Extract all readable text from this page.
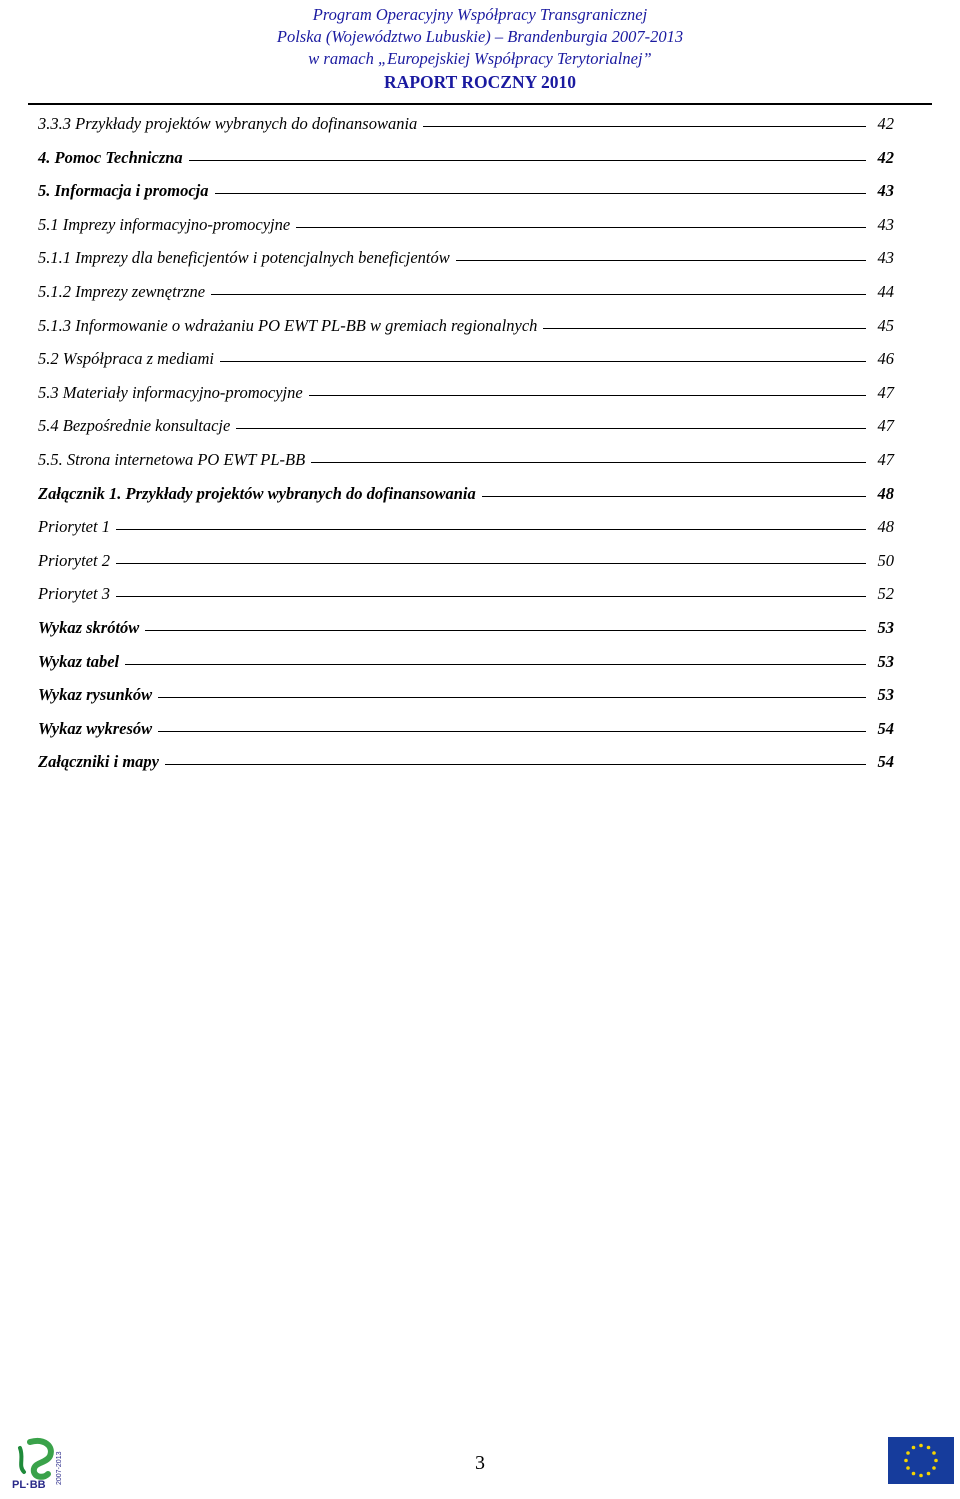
Program Operacyjny Współpracy Transgranicznej
Polska (Województwo Lubuskie) – Brandenburgia 2007-2013
w ramach „Europejskiej Współpracy Terytorialnej”
RAPORT ROCZNY 2010
3.3.3 Przykłady projektów wybranych do dofinansowania	42
4. Pomoc Techniczna	42
5. Informacja i promocja	43
5.1 Imprezy informacyjno-promocyjne	43
5.1.1 Imprezy dla beneficjentów i potencjalnych beneficjentów	43
5.1.2 Imprezy zewnętrzne	44
5.1.3 Informowanie o wdrażaniu PO EWT PL-BB w gremiach regionalnych	45
5.2 Współpraca z mediami	46
5.3 Materiały informacyjno-promocyjne	47
5.4 Bezpośrednie konsultacje	47
5.5. Strona internetowa PO EWT PL-BB	47
Załącznik 1. Przykłady projektów wybranych do dofinansowania	48
Priorytet 1	48
Priorytet 2	50
Priorytet 3	52
Wykaz skrótów	53
Wykaz tabel	53
Wykaz rysunków	53
Wykaz wykresów	54
Załączniki i mapy	54
2007-2013
PL·BB
3
